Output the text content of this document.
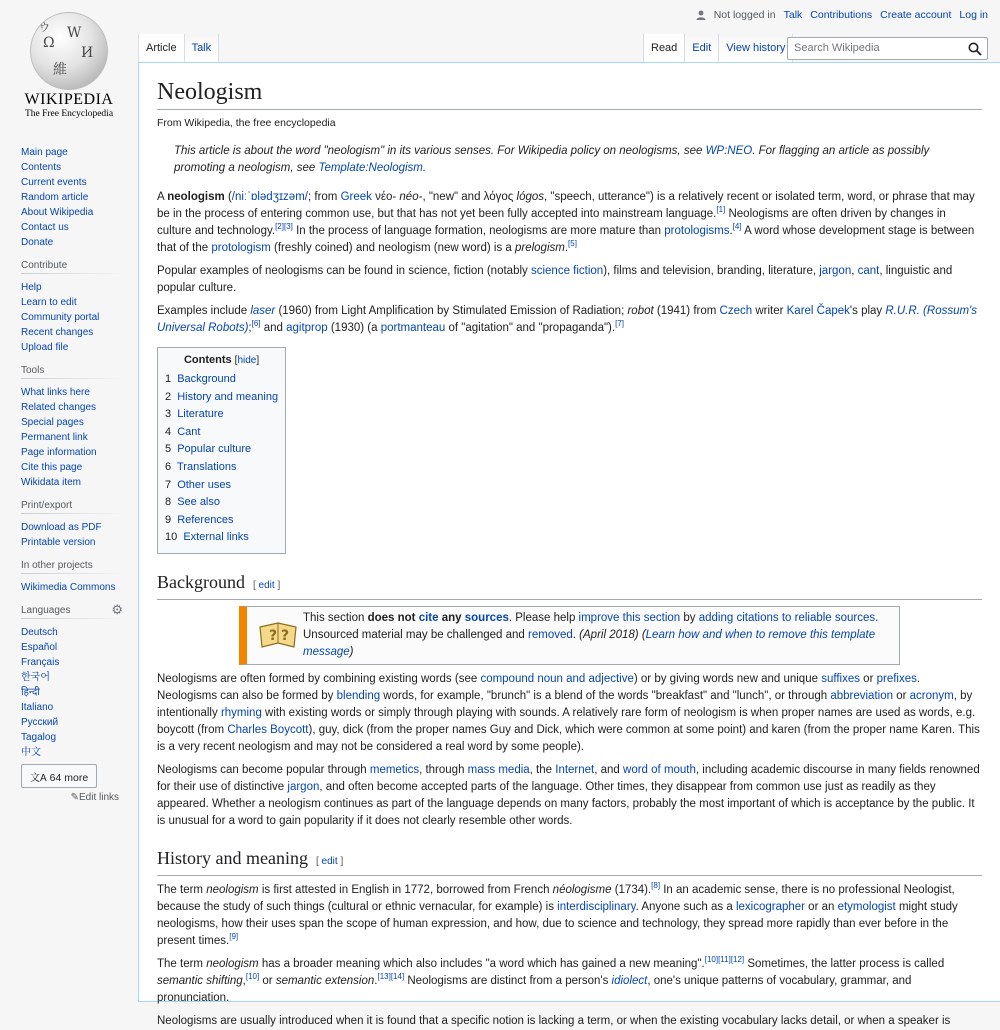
Ω
W
И
維
ウ
WIKIPEDIA
The Free Encyclopedia
Main page
Contents
Current events
Random article
About Wikipedia
Contact us
Donate
Contribute
Help
Learn to edit
Community portal
Recent changes
Upload file
Tools
What links here
Related changes
Special pages
Permanent link
Page information
Cite this page
Wikidata item
Print/export
Download as PDF
Printable version
In other projects
Wikimedia Commons
Languages	⚙
Deutsch
Español
Français
한국어
हिन्दी
Italiano
Русский
Tagalog
中文
文A 64 more
✎Edit links
Not logged in Talk Contributions Create account Log in
Article	Talk	Read	Edit	View history Search Wikipedia
Neologism
From Wikipedia, the free encyclopedia
This article is about the word "neologism" in its various senses. For Wikipedia policy on neologisms, see WP:NEO. For flagging an article as possibly promoting a neologism, see Template:Neologism.

A neologism (/niːˈɒlədʒɪzəm/; from Greek νέο- néo-, "new" and λόγος lógos, "speech, utterance") is a relatively recent or isolated term, word, or phrase that may be in the process of entering common use, but that has not yet been fully accepted into mainstream language.[1] Neologisms are often driven by changes in culture and technology.[2][3] In the process of language formation, neologisms are more mature than protologisms.[4] A word whose development stage is between that of the protologism (freshly coined) and neologism (new word) is a prelogism.[5]

Popular examples of neologisms can be found in science, fiction (notably science fiction), films and television, branding, literature, jargon, cant, linguistic and popular culture.

Examples include laser (1960) from Light Amplification by Stimulated Emission of Radiation; robot (1941) from Czech writer Karel Čapek's play R.U.R. (Rossum's Universal Robots);[6] and agitprop (1930) (a portmanteau of "agitation" and "propaganda").[7]

Contents [hide]
1 Background
2 History and meaning
3 Literature
4 Cant
5 Popular culture
6 Translations
7 Other uses
8 See also
9 References
10 External links
Background [ edit ]
? ?
This section does not cite any sources. Please help improve this section by adding citations to reliable sources. Unsourced material may be challenged and removed. (April 2018) (Learn how and when to remove this template message)

Neologisms are often formed by combining existing words (see compound noun and adjective) or by giving words new and unique suffixes or prefixes. Neologisms can also be formed by blending words, for example, "brunch" is a blend of the words "breakfast" and "lunch", or through abbreviation or acronym, by intentionally rhyming with existing words or simply through playing with sounds. A relatively rare form of neologism is when proper names are used as words, e.g. boycott (from Charles Boycott), guy, dick (from the proper names Guy and Dick, which were common at some point) and karen (from the proper name Karen. This is a very recent neologism and may not be considered a real word by some people).

Neologisms can become popular through memetics, through mass media, the Internet, and word of mouth, including academic discourse in many fields renowned for their use of distinctive jargon, and often become accepted parts of the language. Other times, they disappear from common use just as readily as they appeared. Whether a neologism continues as part of the language depends on many factors, probably the most important of which is acceptance by the public. It is unusual for a word to gain popularity if it does not clearly resemble other words.

History and meaning [ edit ]

The term neologism is first attested in English in 1772, borrowed from French néologisme (1734).[8] In an academic sense, there is no professional Neologist, because the study of such things (cultural or ethnic vernacular, for example) is interdisciplinary. Anyone such as a lexicographer or an etymologist might study neologisms, how their uses span the scope of human expression, and how, due to science and technology, they spread more rapidly than ever before in the present times.[9]

The term neologism has a broader meaning which also includes "a word which has gained a new meaning".[10][11][12] Sometimes, the latter process is called semantic shifting,[10] or semantic extension.[13][14] Neologisms are distinct from a person's idiolect, one's unique patterns of vocabulary, grammar, and pronunciation.

Neologisms are usually introduced when it is found that a specific notion is lacking a term, or when the existing vocabulary lacks detail, or when a speaker is
